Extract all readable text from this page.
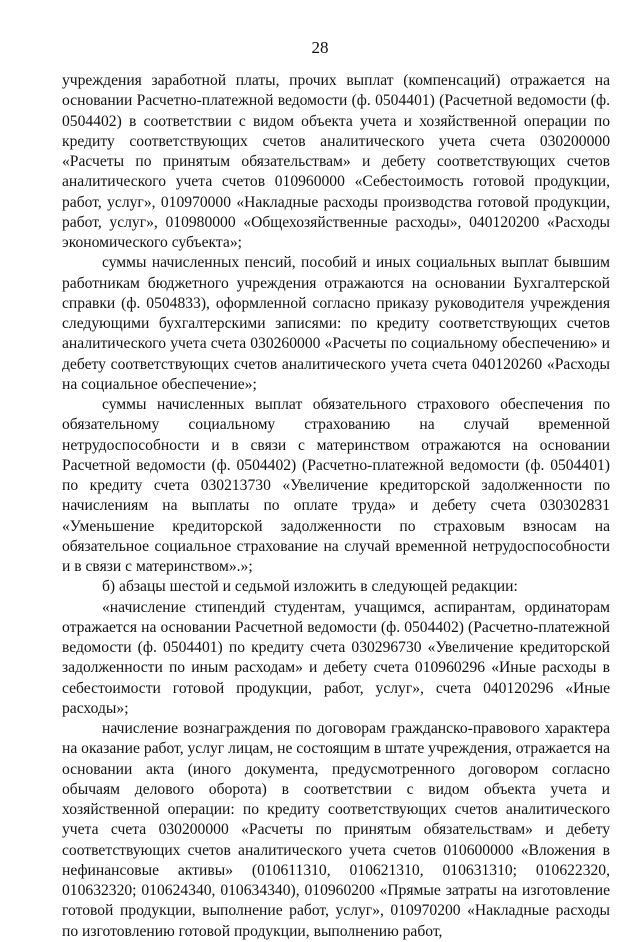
28

учреждения заработной платы, прочих выплат (компенсаций) отражается на основании Расчетно-платежной ведомости (ф. 0504401) (Расчетной ведомости (ф. 0504402) в соответствии с видом объекта учета и хозяйственной операции по кредиту соответствующих счетов аналитического учета счета 030200000 «Расчеты по принятым обязательствам» и дебету соответствующих счетов аналитического учета счетов 010960000 «Себестоимость готовой продукции, работ, услуг», 010970000 «Накладные расходы производства готовой продукции, работ, услуг», 010980000 «Общехозяйственные расходы», 040120200 «Расходы экономического субъекта»;

суммы начисленных пенсий, пособий и иных социальных выплат бывшим работникам бюджетного учреждения отражаются на основании Бухгалтерской справки (ф. 0504833), оформленной согласно приказу руководителя учреждения следующими бухгалтерскими записями: по кредиту соответствующих счетов аналитического учета счета 030260000 «Расчеты по социальному обеспечению» и дебету соответствующих счетов аналитического учета счета 040120260 «Расходы на социальное обеспечение»;

суммы начисленных выплат обязательного страхового обеспечения по обязательному социальному страхованию на случай временной нетрудоспособности и в связи с материнством отражаются на основании Расчетной ведомости (ф. 0504402) (Расчетно-платежной ведомости (ф. 0504401) по кредиту счета 030213730 «Увеличение кредиторской задолженности по начислениям на выплаты по оплате труда» и дебету счета 030302831 «Уменьшение кредиторской задолженности по страховым взносам на обязательное социальное страхование на случай временной нетрудоспособности и в связи с материнством».»;

б) абзацы шестой и седьмой изложить в следующей редакции:

«начисление стипендий студентам, учащимся, аспирантам, ординаторам отражается на основании Расчетной ведомости (ф. 0504402) (Расчетно-платежной ведомости (ф. 0504401) по кредиту счета 030296730 «Увеличение кредиторской задолженности по иным расходам» и дебету счета 010960296 «Иные расходы в себестоимости готовой продукции, работ, услуг», счета 040120296 «Иные расходы»;

начисление вознаграждения по договорам гражданско-правового характера на оказание работ, услуг лицам, не состоящим в штате учреждения, отражается на основании акта (иного документа, предусмотренного договором согласно обычаям делового оборота) в соответствии с видом объекта учета и хозяйственной операции: по кредиту соответствующих счетов аналитического учета счета 030200000 «Расчеты по принятым обязательствам» и дебету соответствующих счетов аналитического учета счетов 010600000 «Вложения в нефинансовые активы» (010611310, 010621310, 010631310; 010622320, 010632320; 010624340, 010634340), 010960200 «Прямые затраты на изготовление готовой продукции, выполнение работ, услуг», 010970200 «Накладные расходы по изготовлению готовой продукции, выполнению работ,
